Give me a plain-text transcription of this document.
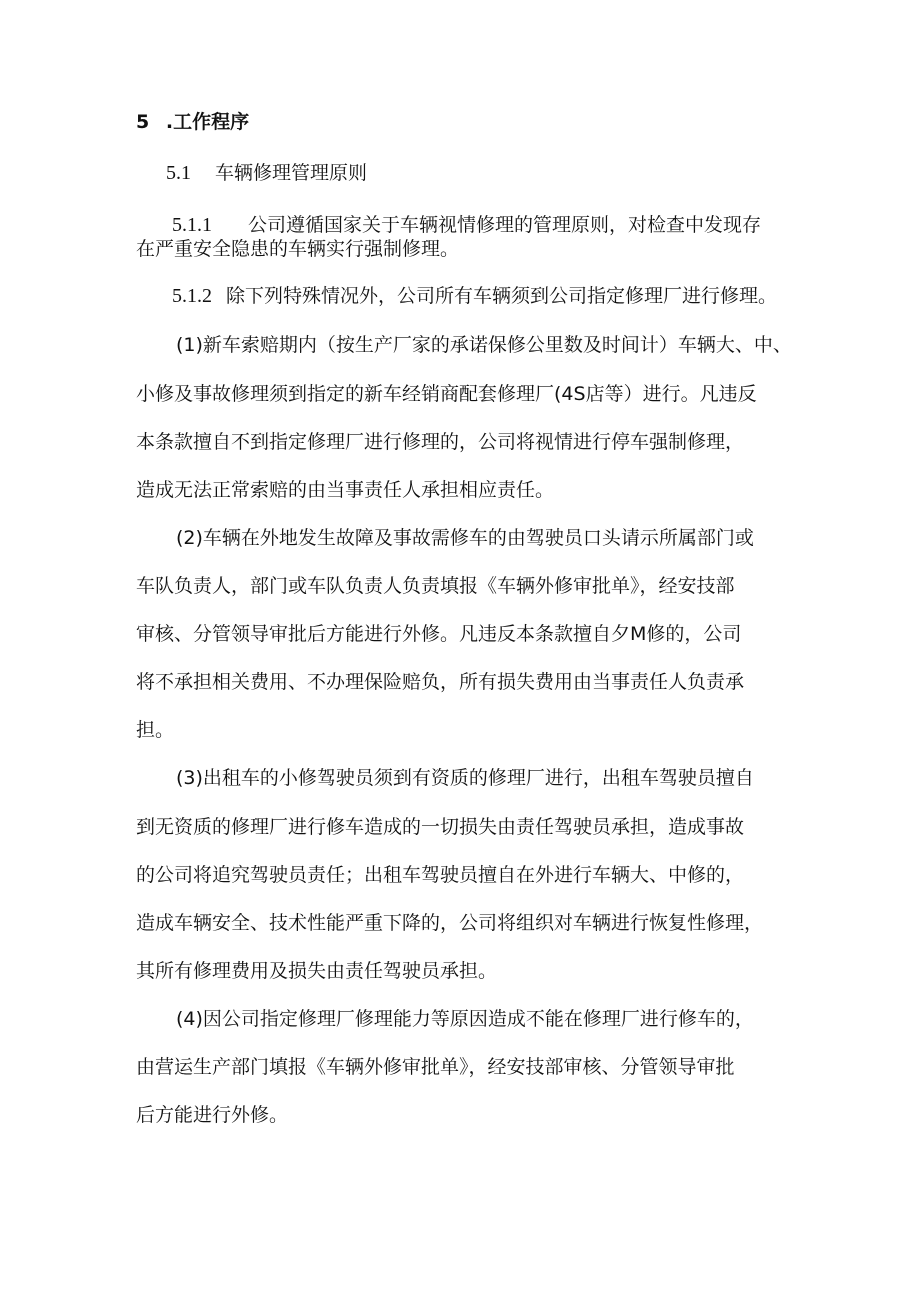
5 .工作程序
5.1 车辆修理管理原则
5.1.1 公司遵循国家关于车辆视情修理的管理原则，对检查中发现存
在严重安全隐患的车辆实行强制修理。
5.1.2 除下列特殊情况外，公司所有车辆须到公司指定修理厂进行修理。
(1)新车索赔期内（按生产厂家的承诺保修公里数及时间计）车辆大、中、
小修及事故修理须到指定的新车经销商配套修理厂(4S店等）进行。凡违反
本条款擅自不到指定修理厂进行修理的，公司将视情进行停车强制修理，
造成无法正常索赔的由当事责任人承担相应责任。
(2)车辆在外地发生故障及事故需修车的由驾驶员口头请示所属部门或
车队负责人，部门或车队负责人负责填报《车辆外修审批单》，经安技部
审核、分管领导审批后方能进行外修。凡违反本条款擅自夕M修的，公司
将不承担相关费用、不办理保险赔负，所有损失费用由当事责任人负责承
担。
(3)出租车的小修驾驶员须到有资质的修理厂进行，出租车驾驶员擅自
到无资质的修理厂进行修车造成的一切损失由责任驾驶员承担，造成事故
的公司将追究驾驶员责任；出租车驾驶员擅自在外进行车辆大、中修的，
造成车辆安全、技术性能严重下降的，公司将组织对车辆进行恢复性修理，
其所有修理费用及损失由责任驾驶员承担。
(4)因公司指定修理厂修理能力等原因造成不能在修理厂进行修车的，
由营运生产部门填报《车辆外修审批单》，经安技部审核、分管领导审批
后方能进行外修。
